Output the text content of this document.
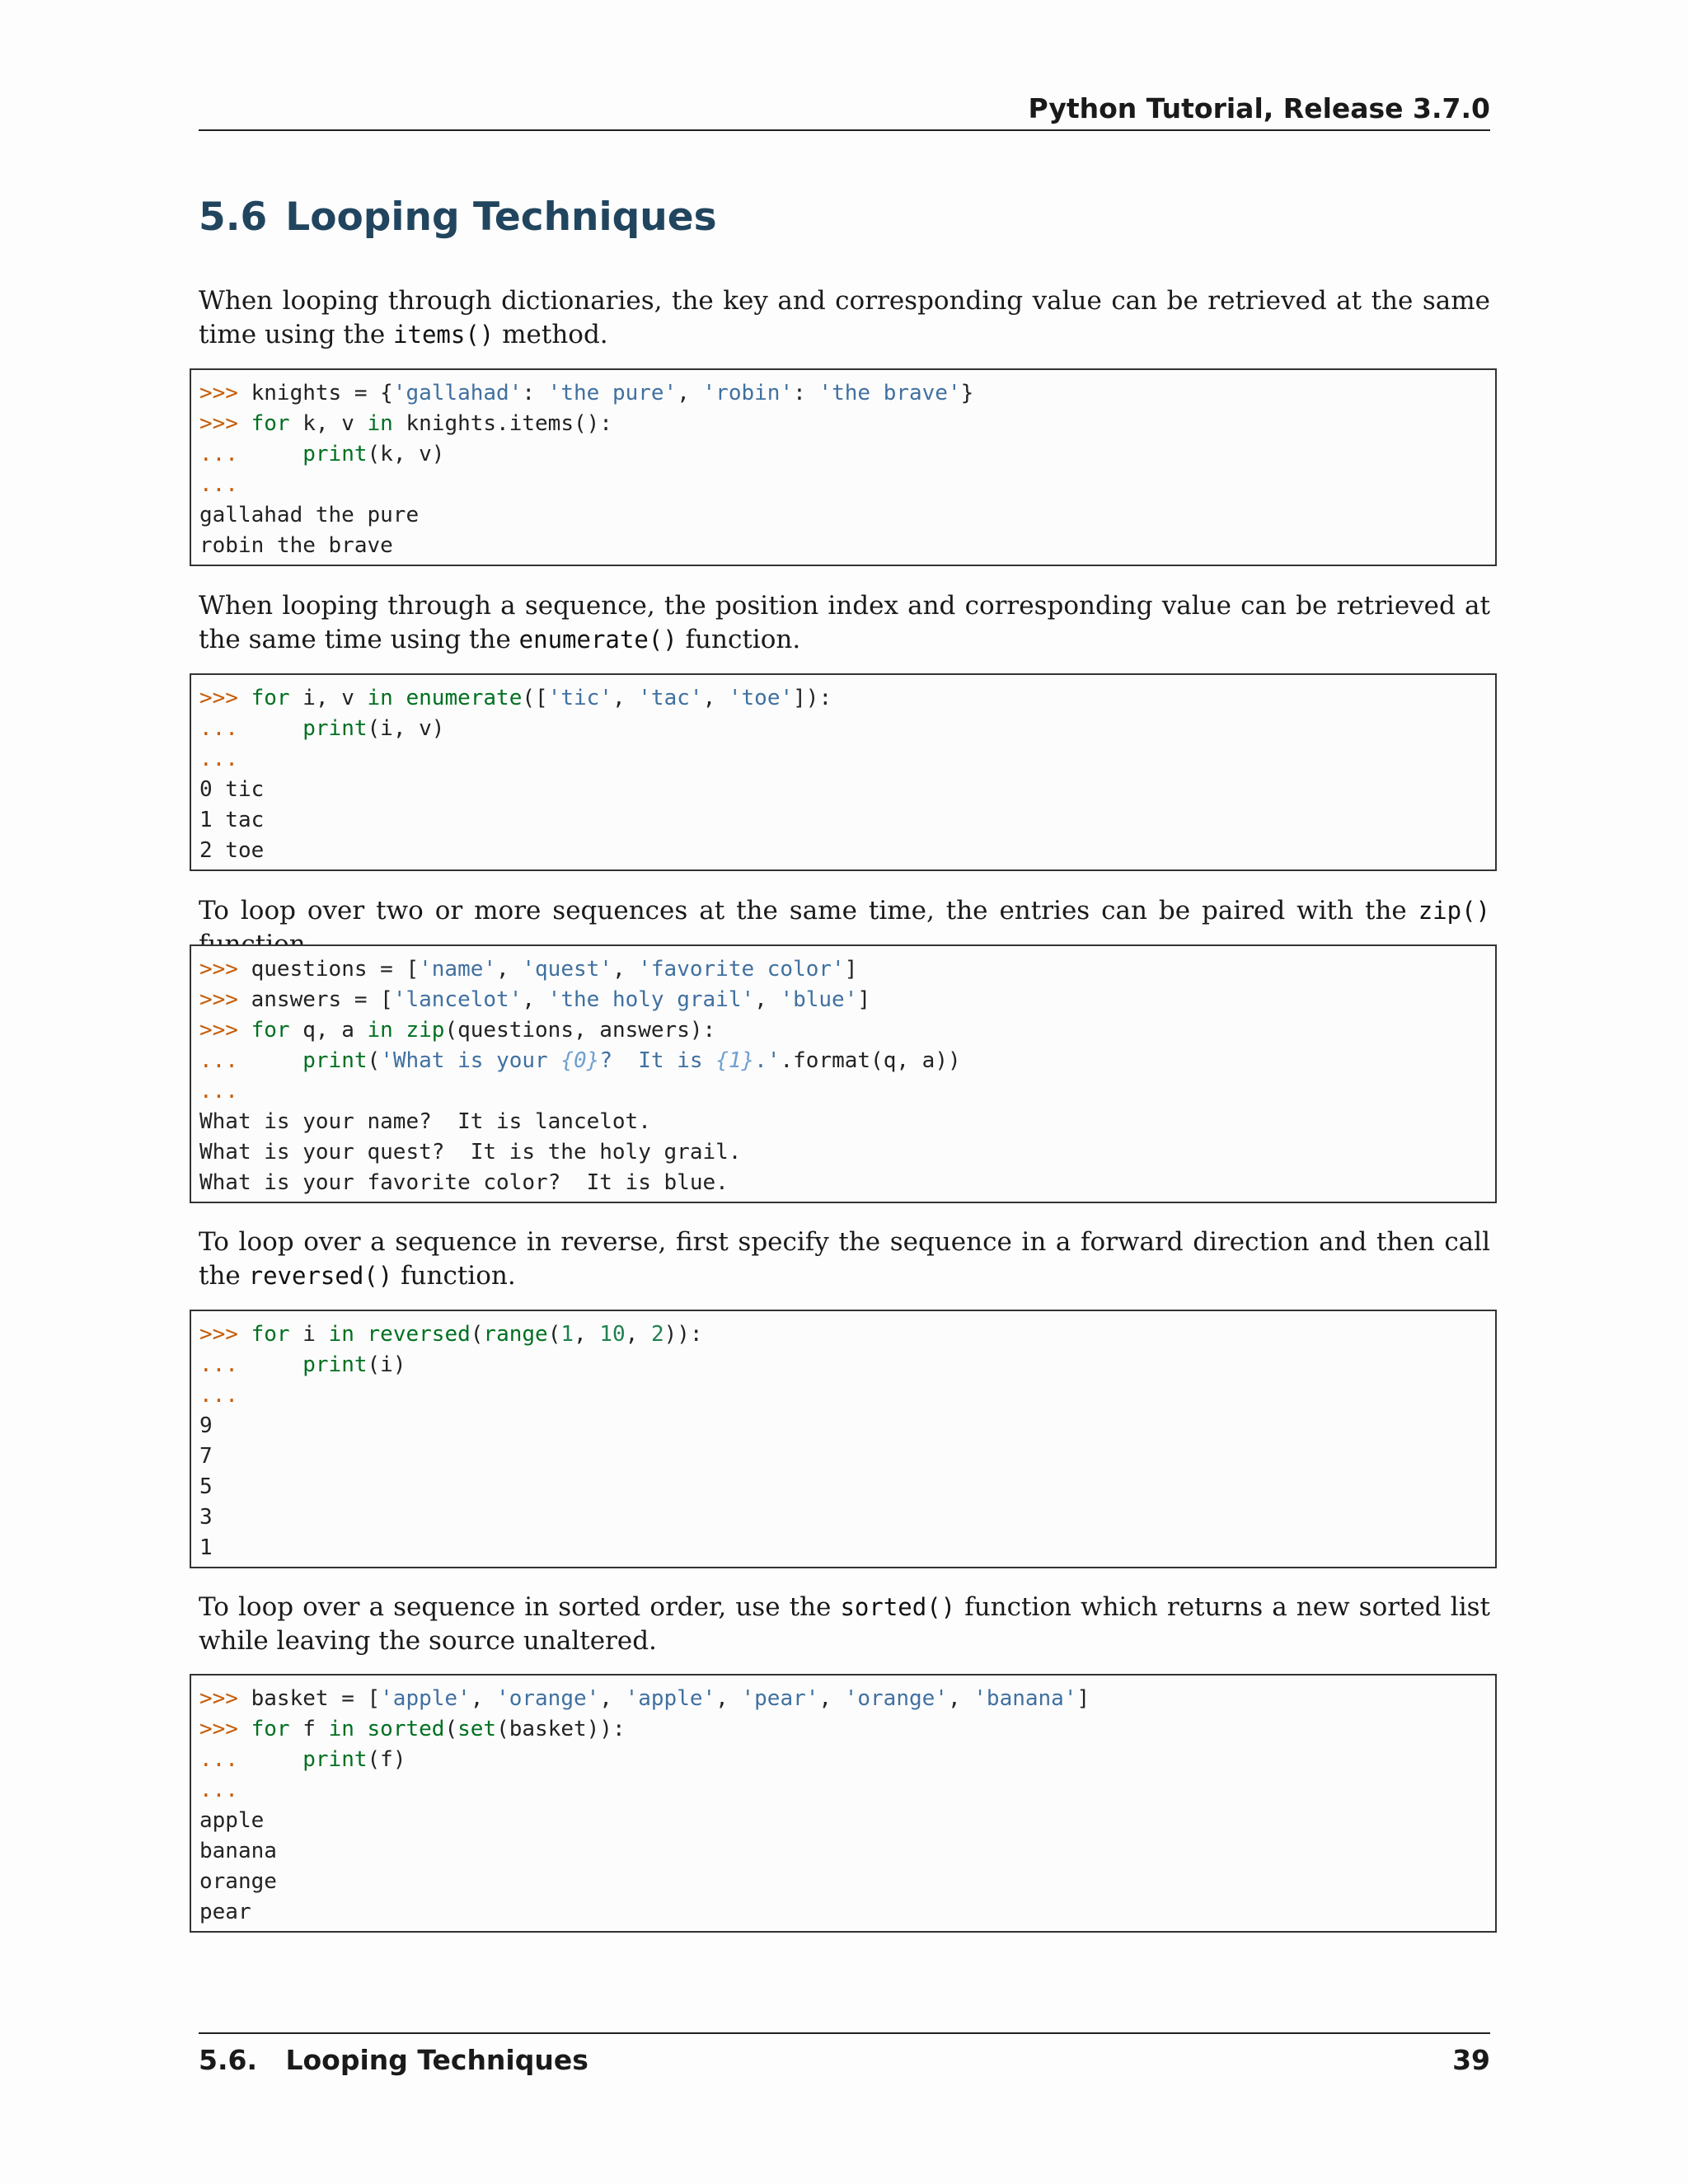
Python Tutorial, Release 3.7.0
5.6 Looping Techniques

When looping through dictionaries, the key and corresponding value can be retrieved at the same time using the items() method.

>>> knights = {'gallahad': 'the pure', 'robin': 'the brave'}
>>> for k, v in knights.items():
...	print(k, v)
...
gallahad the pure
robin the brave

When looping through a sequence, the position index and corresponding value can be retrieved at the same time using the enumerate() function.

>>> for i, v in enumerate(['tic', 'tac', 'toe']):
...	print(i, v)
...
0 tic
1 tac
2 toe

To loop over two or more sequences at the same time, the entries can be paired with the zip()

>>> questions = ['name', 'quest', 'favorite color']
>>> answers = ['lancelot', 'the holy grail', 'blue']
>>> for q, a in zip(questions, answers):
...	print('What is your {0}?  It is {1}.'.format(q, a))
...
What is your name?  It is lancelot.
What is your quest?  It is the holy grail.
What is your favorite color?  It is blue.

To loop over a sequence in reverse, first specify the sequence in a forward direction and then call the reversed() function.

>>> for i in reversed(range(1, 10, 2)):
...	print(i)
...
9
7
5
3
1

To loop over a sequence in sorted order, use the sorted() function which returns a new sorted list while leaving the source unaltered.

>>> basket = ['apple', 'orange', 'apple', 'pear', 'orange', 'banana']
>>> for f in sorted(set(basket)):
...	print(f)
...
apple
banana
orange
pear
5.6.   Looping Techniques	39
